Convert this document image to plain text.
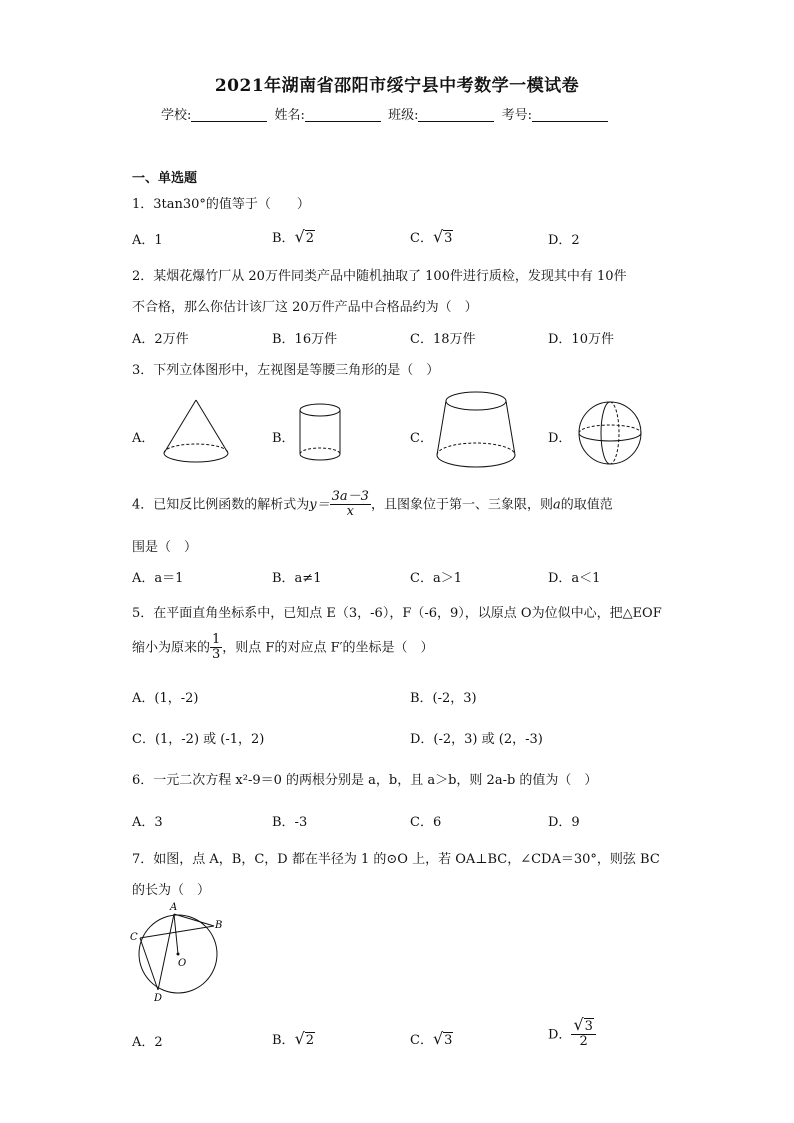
2021年湖南省邵阳市绥宁县中考数学一模试卷
学校:	姓名:	班级:	考号:
一、单选题
1．3tan30°的值等于（　　）
A．1	B．√2	C．√3	D．2
2．某烟花爆竹厂从 20万件同类产品中随机抽取了 100件进行质检，发现其中有 10件
不合格，那么你估计该厂这 20万件产品中合格品约为（　）
A．2万件	B．16万件	C．18万件	D．10万件
3．下列立体图形中，左视图是等腰三角形的是（　）
A．	B．	C．	D．
4．已知反比例函数的解析式为$y= \frac{3a-3}{x}$ ，且图象位于第一、三象限，则a的取值范
围是（　）
A．a＝1	B．a≠1	C．a＞1	D．a＜1
5．在平面直角坐标系中，已知点 E（3，-6），F（-6，9），以原点 O为位似中心，把△EOF
缩小为原来的 $\frac{1}{3}$ ，则点 F的对应点 F′的坐标是（　）
A．(1，-2)	B．(-2，3)
C．(1，-2) 或 (-1，2)	D．(-2，3) 或 (2，-3)
6．一元二次方程 x²-9＝0 的两根分别是 a，b，且 a＞b，则 2a-b 的值为（　）
A．3	B．-3	C．6	D．9
7．如图，点 A，B，C，D 都在半径为 1 的⊙O 上，若 OA⊥BC，∠CDA＝30°，则弦 BC
的长为（　）
A
B
C
D
O
A．2	B．√2	C．√3	D． $\frac{√3}{2}$
